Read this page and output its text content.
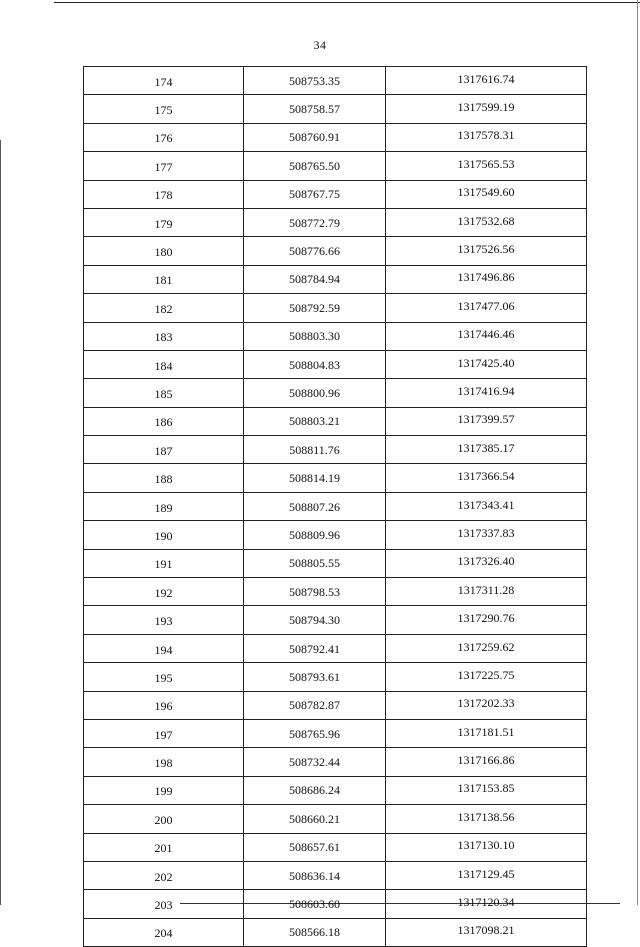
34
174	508753.35	1317616.74
175	508758.57	1317599.19
176	508760.91	1317578.31
177	508765.50	1317565.53
178	508767.75	1317549.60
179	508772.79	1317532.68
180	508776.66	1317526.56
181	508784.94	1317496.86
182	508792.59	1317477.06
183	508803.30	1317446.46
184	508804.83	1317425.40
185	508800.96	1317416.94
186	508803.21	1317399.57
187	508811.76	1317385.17
188	508814.19	1317366.54
189	508807.26	1317343.41
190	508809.96	1317337.83
191	508805.55	1317326.40
192	508798.53	1317311.28
193	508794.30	1317290.76
194	508792.41	1317259.62
195	508793.61	1317225.75
196	508782.87	1317202.33
197	508765.96	1317181.51
198	508732.44	1317166.86
199	508686.24	1317153.85
200	508660.21	1317138.56
201	508657.61	1317130.10
202	508636.14	1317129.45
203	508603.60	1317120.34
204	508566.18	1317098.21
